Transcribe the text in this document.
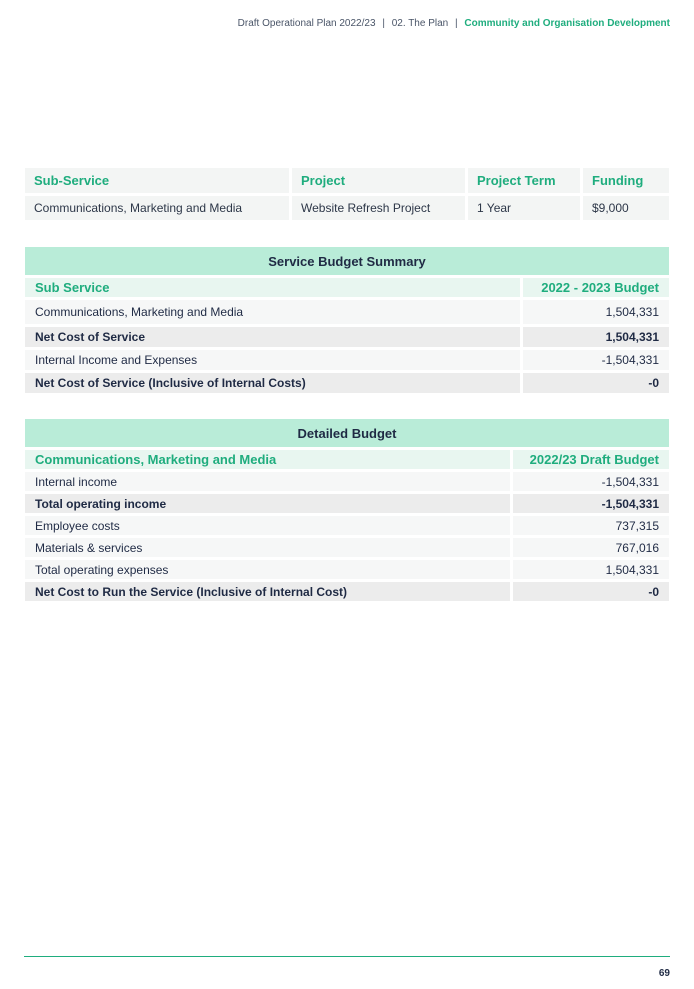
Draft Operational Plan 2022/23 | 02. The Plan | Community and Organisation Development
Sub-Service	Project	Project Term	Funding
Communications, Marketing and Media	Website Refresh Project	1 Year	$9,000
Service Budget Summary	
Sub Service	2022 - 2023 Budget
Communications, Marketing and Media	1,504,331
Net Cost of Service	1,504,331
Internal Income and Expenses	-1,504,331
Net Cost of Service (Inclusive of Internal Costs)	-0
Detailed Budget	
Communications, Marketing and Media	2022/23 Draft Budget
Internal income	-1,504,331
Total operating income	-1,504,331
Employee costs	737,315
Materials & services	767,016
Total operating expenses	1,504,331
Net Cost to Run the Service (Inclusive of Internal Cost)	-0
69
